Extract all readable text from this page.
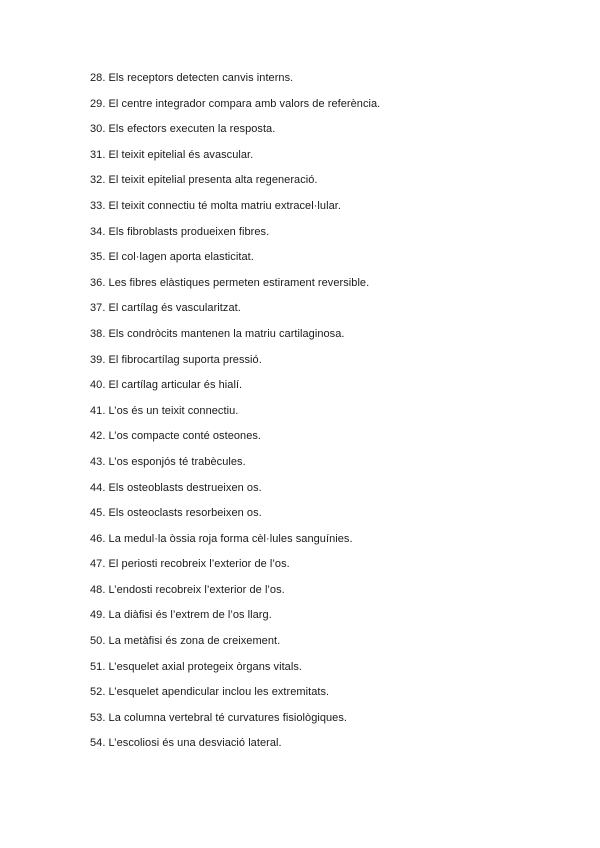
28. Els receptors detecten canvis interns.
29. El centre integrador compara amb valors de referència.
30. Els efectors executen la resposta.
31. El teixit epitelial és avascular.
32. El teixit epitelial presenta alta regeneració.
33. El teixit connectiu té molta matriu extracel·lular.
34. Els fibroblasts produeixen fibres.
35. El col·lagen aporta elasticitat.
36. Les fibres elàstiques permeten estirament reversible.
37. El cartílag és vascularitzat.
38. Els condròcits mantenen la matriu cartilaginosa.
39. El fibrocartílag suporta pressió.
40. El cartílag articular és hialí.
41. L’os és un teixit connectiu.
42. L’os compacte conté osteones.
43. L’os esponjós té trabècules.
44. Els osteoblasts destrueixen os.
45. Els osteoclasts resorbeixen os.
46. La medul·la òssia roja forma cèl·lules sanguínies.
47. El periosti recobreix l’exterior de l’os.
48. L’endosti recobreix l’exterior de l’os.
49. La diàfisi és l’extrem de l’os llarg.
50. La metàfisi és zona de creixement.
51. L’esquelet axial protegeix òrgans vitals.
52. L’esquelet apendicular inclou les extremitats.
53. La columna vertebral té curvatures fisiològiques.
54. L’escoliosi és una desviació lateral.
